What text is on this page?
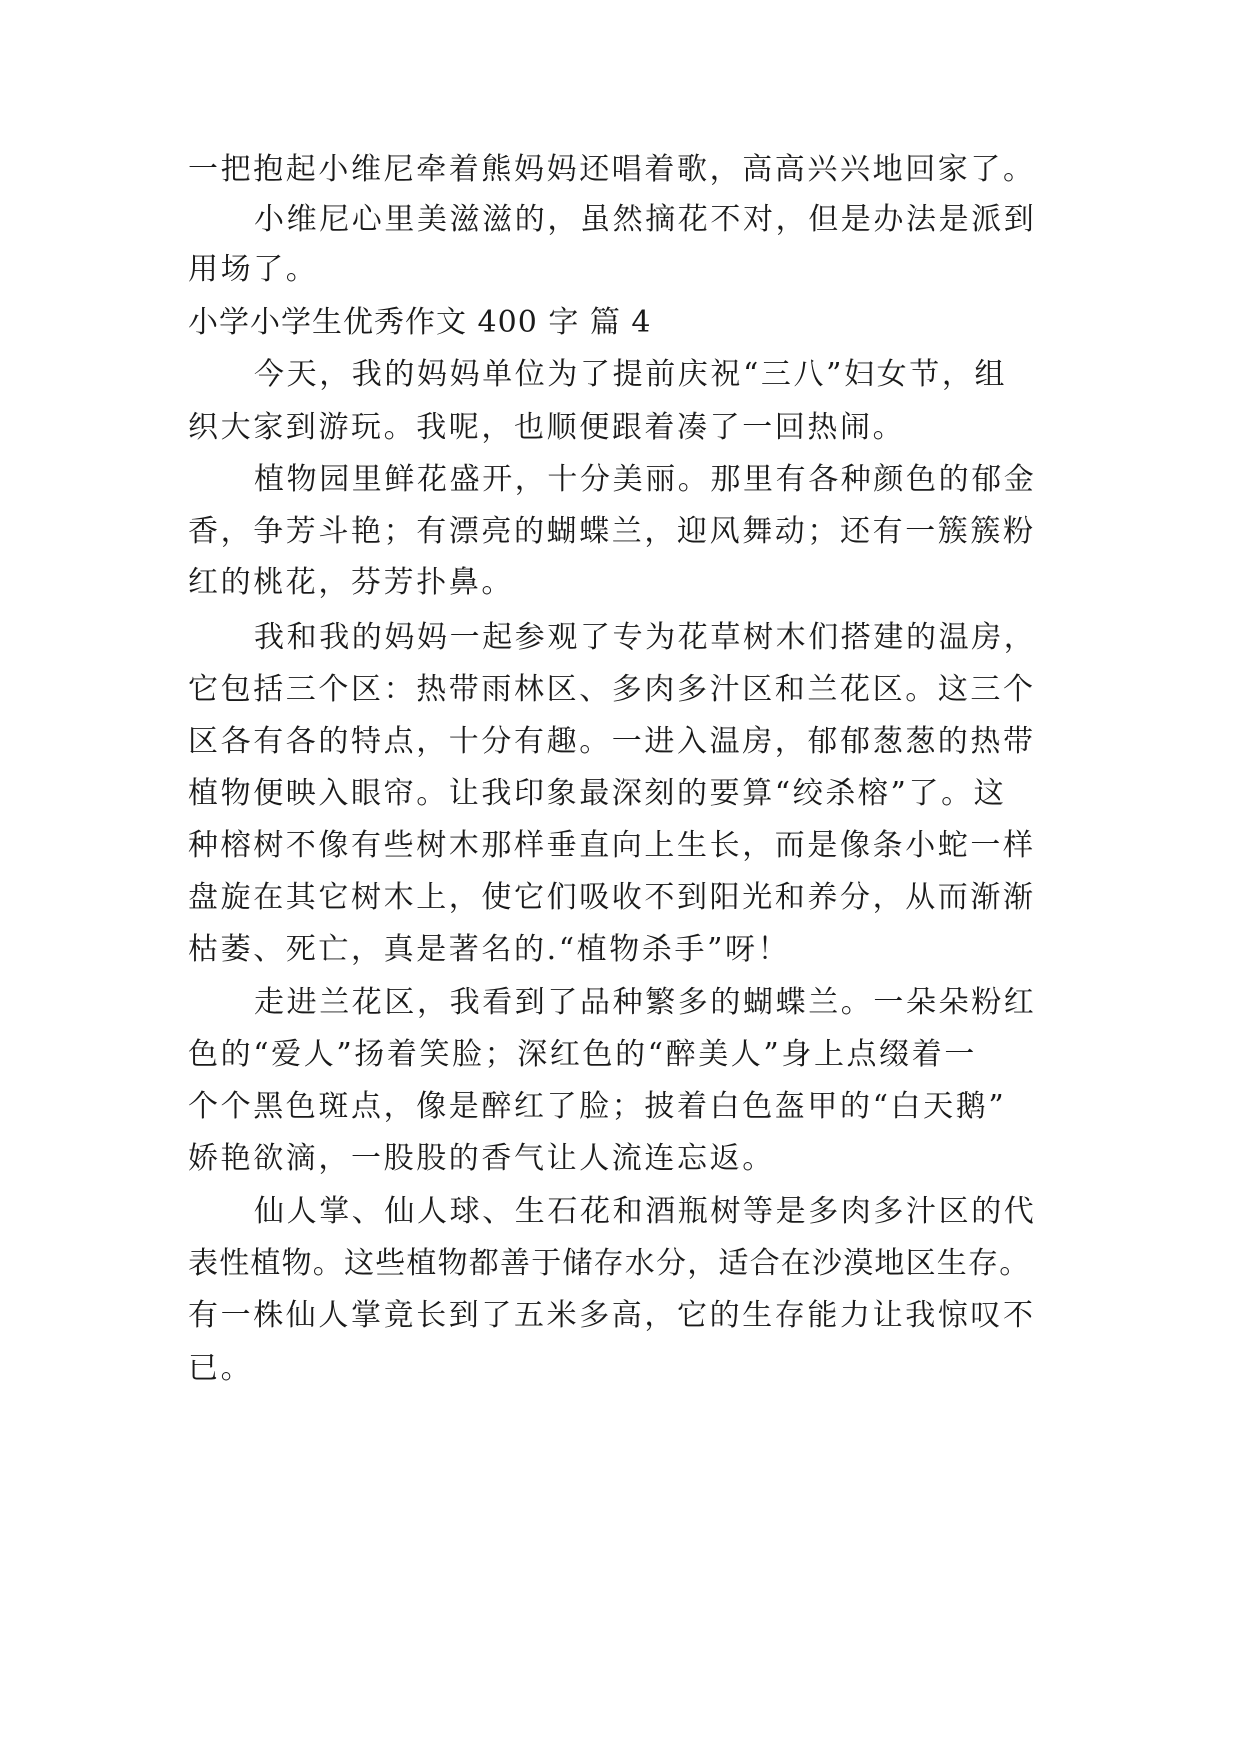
一把抱起小维尼牵着熊妈妈还唱着歌，高高兴兴地回家了。
小维尼心里美滋滋的，虽然摘花不对，但是办法是派到
用场了。
小学小学生优秀作文 400 字 篇 4
今天，我的妈妈单位为了提前庆祝“三八”妇女节，组
织大家到游玩。我呢，也顺便跟着凑了一回热闹。
植物园里鲜花盛开，十分美丽。那里有各种颜色的郁金
香，争芳斗艳；有漂亮的蝴蝶兰，迎风舞动；还有一簇簇粉
红的桃花，芬芳扑鼻。
我和我的妈妈一起参观了专为花草树木们搭建的温房，
它包括三个区：热带雨林区、多肉多汁区和兰花区。这三个
区各有各的特点，十分有趣。一进入温房，郁郁葱葱的热带
植物便映入眼帘。让我印象最深刻的要算“绞杀榕”了。这
种榕树不像有些树木那样垂直向上生长，而是像条小蛇一样
盘旋在其它树木上，使它们吸收不到阳光和养分，从而渐渐
枯萎、死亡，真是著名的.“植物杀手”呀！
走进兰花区，我看到了品种繁多的蝴蝶兰。一朵朵粉红
色的“爱人”扬着笑脸；深红色的“醉美人”身上点缀着一
个个黑色斑点，像是醉红了脸；披着白色盔甲的“白天鹅”
娇艳欲滴，一股股的香气让人流连忘返。
仙人掌、仙人球、生石花和酒瓶树等是多肉多汁区的代
表性植物。这些植物都善于储存水分，适合在沙漠地区生存。
有一株仙人掌竟长到了五米多高，它的生存能力让我惊叹不
已。
